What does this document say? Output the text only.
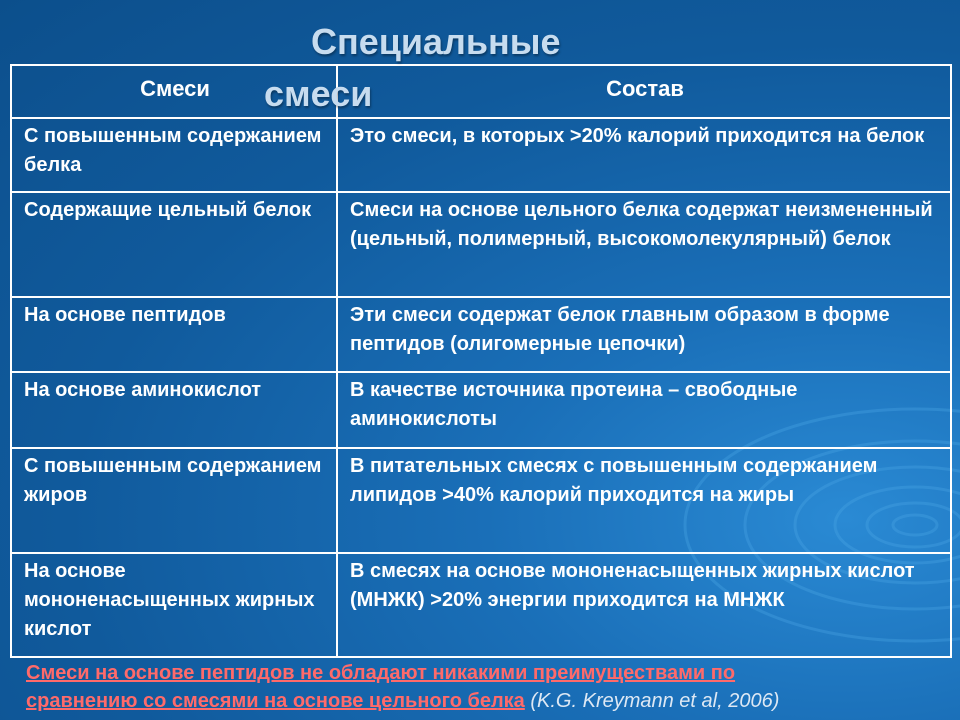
Специальные
смеси
Смеси	Состав
С повышенным содержанием белка	Это смеси, в которых >20% калорий приходится на белок
Содержащие цельный белок	Смеси на основе цельного белка содержат неизмененный (цельный, полимерный, высокомолекулярный) белок
На основе пептидов	Эти смеси содержат белок главным образом в форме пептидов (олигомерные цепочки)
На основе аминокислот	В качестве источника протеина – свободные аминокислоты
С повышенным содержанием жиров	В питательных смесях с повышенным содержанием липидов >40% калорий приходится на жиры
На основе мононенасыщенных жирных кислот	В смесях на основе мононенасыщенных жирных кислот (МНЖК) >20% энергии приходится на МНЖК
Смеси на основе пептидов не обладают никакими преимуществами по
сравнению со смесями на основе цельного белка (K.G. Kreymann et al, 2006)
